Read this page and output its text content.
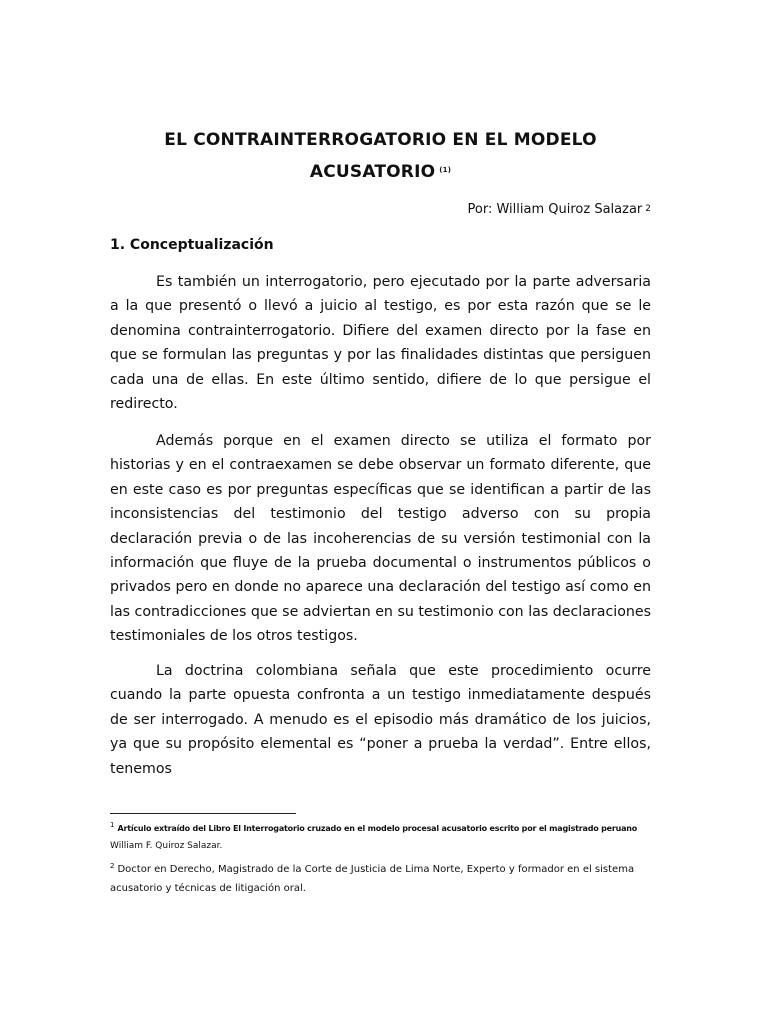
EL CONTRAINTERROGATORIO EN EL MODELO
ACUSATORIO $^{(1)}$

Por: William Quiroz Salazar $^2$

1. Conceptualización

Es también un interrogatorio, pero ejecutado por la parte adversaria a la que presentó o llevó a juicio al testigo, es por esta razón que se le denomina contrainterrogatorio. Difiere del examen directo por la fase en que se formulan las preguntas y por las finalidades distintas que persiguen cada una de ellas. En este último sentido, difiere de lo que persigue el redirecto.

Además porque en el examen directo se utiliza el formato por historias y en el contraexamen se debe observar un formato diferente, que en este caso es por preguntas específicas que se identifican a partir de las inconsistencias del testimonio del testigo adverso con su propia declaración previa o de las incoherencias de su versión testimonial con la información que fluye de la prueba documental o instrumentos públicos o privados pero en donde no aparece una declaración del testigo así como en las contradicciones que se adviertan en su testimonio con las declaraciones testimoniales de los otros testigos.

La doctrina colombiana señala que este procedimiento ocurre cuando la parte opuesta confronta a un testigo inmediatamente después de ser interrogado. A menudo es el episodio más dramático de los juicios, ya que su propósito elemental es “poner a prueba la verdad”. Entre ellos, tenemos

$^1$ Artículo extraído del Libro El Interrogatorio cruzado en el modelo procesal acusatorio escrito por el magistrado peruano William F. Quiroz Salazar.

$^2$ Doctor en Derecho, Magistrado de la Corte de Justicia de Lima Norte, Experto y formador en el sistema acusatorio y técnicas de litigación oral.
